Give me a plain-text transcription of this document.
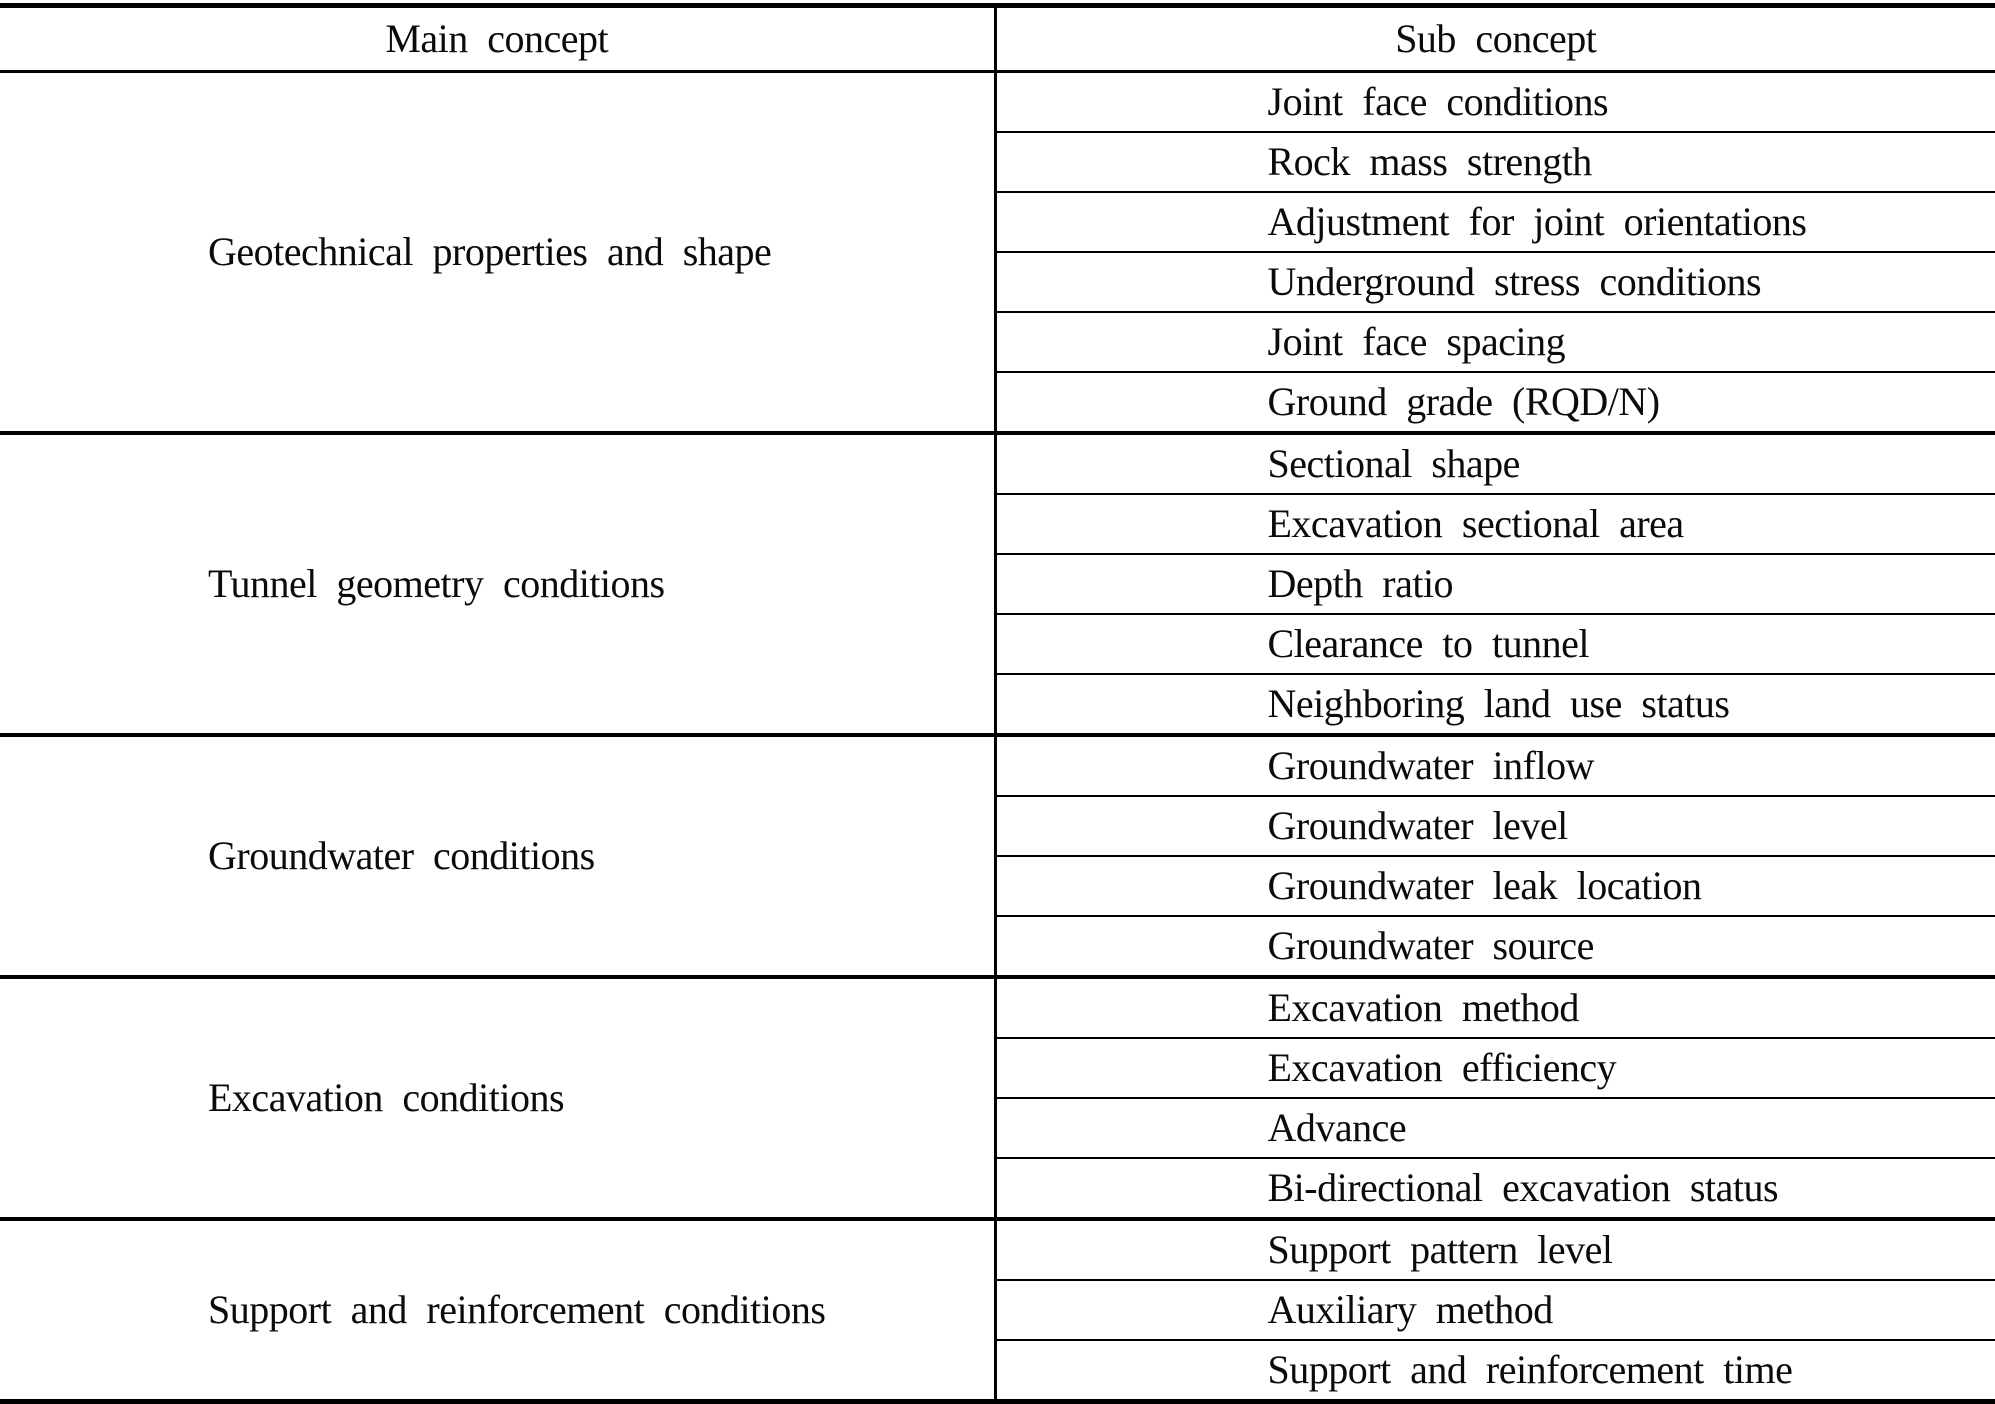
Main concept	Sub concept
Geotechnical properties and shape	Joint face conditions
	Rock mass strength
	Adjustment for joint orientations
	Underground stress conditions
	Joint face spacing
	Ground grade (RQD/N)
Tunnel geometry conditions	Sectional shape
	Excavation sectional area
	Depth ratio
	Clearance to tunnel
	Neighboring land use status
Groundwater conditions	Groundwater inflow
	Groundwater level
	Groundwater leak location
	Groundwater source
Excavation conditions	Excavation method
	Excavation efficiency
	Advance
	Bi-directional excavation status
Support and reinforcement conditions	Support pattern level
	Auxiliary method
	Support and reinforcement time
